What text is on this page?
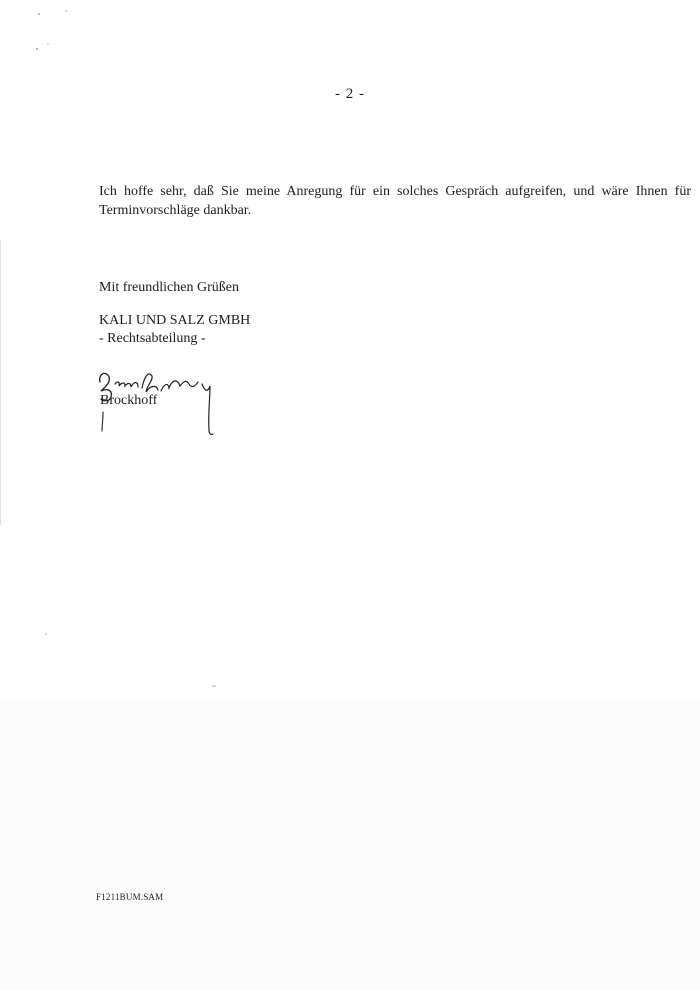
- 2 -
Ich hoffe sehr, daß Sie meine Anregung für ein solches Gespräch aufgreifen, und wäre Ihnen für Terminvorschläge dankbar.
Mit freundlichen Grüßen
KALI UND SALZ GMBH
- Rechtsabteilung -
Brockhoff
F1211BUM.SAM
